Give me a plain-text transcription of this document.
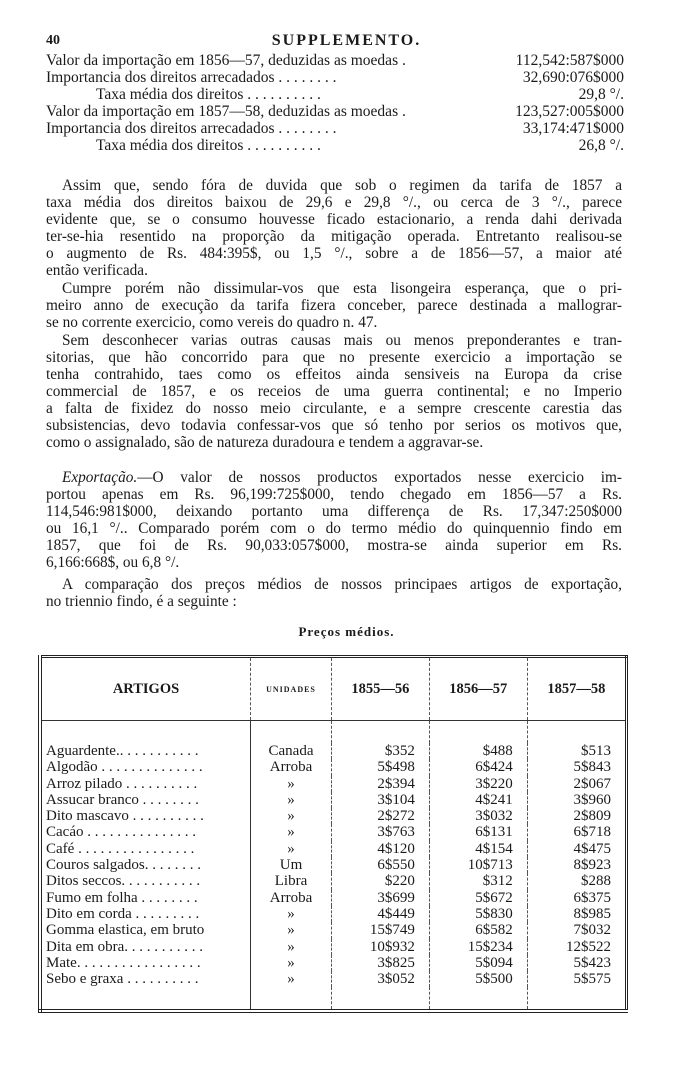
40	SUPPLEMENTO.
Valor da importação em 1856—57, deduzidas as moedas .	112,542:587$000
Importancia dos direitos arrecadados . . . . . . . .	32,690:076$000
Taxa média dos direitos . . . . . . . . . .	29,8 °/.
Valor da importação em 1857—58, deduzidas as moedas .	123,527:005$000
Importancia dos direitos arrecadados . . . . . . . .	33,174:471$000
Taxa média dos direitos . . . . . . . . . .	26,8 °/.
Assim que, sendo fóra de duvida que sob o regimen da tarifa de 1857 a
taxa média dos direitos baixou de 29,6 e 29,8 °/., ou cerca de 3 °/., parece
evidente que, se o consumo houvesse ficado estacionario, a renda dahi derivada
ter-se-hia resentido na proporção da mitigação operada. Entretanto realisou-se
o augmento de Rs. 484:395$, ou 1,5 °/., sobre a de 1856—57, a maior até
então verificada.
Cumpre porém não dissimular-vos que esta lisongeira esperança, que o pri-
meiro anno de execução da tarifa fizera conceber, parece destinada a mallograr-
se no corrente exercicio, como vereis do quadro n. 47.
Sem desconhecer varias outras causas mais ou menos preponderantes e tran-
sitorias, que hão concorrido para que no presente exercicio a importação se
tenha contrahido, taes como os effeitos ainda sensiveis na Europa da crise
commercial de 1857, e os receios de uma guerra continental; e no Imperio
a falta de fixidez do nosso meio circulante, e a sempre crescente carestia das
subsistencias, devo todavia confessar-vos que só tenho por serios os motivos que,
como o assignalado, são de natureza duradoura e tendem a aggravar-se.
Exportação.—O valor de nossos productos exportados nesse exercicio im-
portou apenas em Rs. 96,199:725$000, tendo chegado em 1856—57 a Rs.
114,546:981$000, deixando portanto uma differença de Rs. 17,347:250$000
ou 16,1 °/.. Comparado porém com o do termo médio do quinquennio findo em
1857, que foi de Rs. 90,033:057$000, mostra-se ainda superior em Rs.
6,166:668$, ou 6,8 °/.
A comparação dos preços médios de nossos principaes artigos de exportação,
no triennio findo, é a seguinte :
Preços médios.
ARTIGOS	UNIDADES	1855—56	1856—57	1857—58

Aguardente.. . . . . . . . . . .	Canada	$352	$488	$513
Algodão . . . . . . . . . . . . . .	Arroba	5$498	6$424	5$843
Arroz pilado . . . . . . . . . .	»	2$394	3$220	2$067
Assucar branco . . . . . . . .	»	3$104	4$241	3$960
Dito mascavo . . . . . . . . . .	»	2$272	3$032	2$809
Cacáo . . . . . . . . . . . . . . .	»	3$763	6$131	6$718
Café . . . . . . . . . . . . . . . .	»	4$120	4$154	4$475
Couros salgados. . . . . . . .	Um	6$550	10$713	8$923
Ditos seccos. . . . . . . . . . .	Libra	$220	$312	$288
Fumo em folha . . . . . . . .	Arroba	3$699	5$672	6$375
Dito em corda . . . . . . . . .	»	4$449	5$830	8$985
Gomma elastica, em bruto	»	15$749	6$582	7$032
Dita em obra. . . . . . . . . . .	»	10$932	15$234	12$522
Mate. . . . . . . . . . . . . . . . .	»	3$825	5$094	5$423
Sebo e graxa . . . . . . . . . .	»	3$052	5$500	5$575
